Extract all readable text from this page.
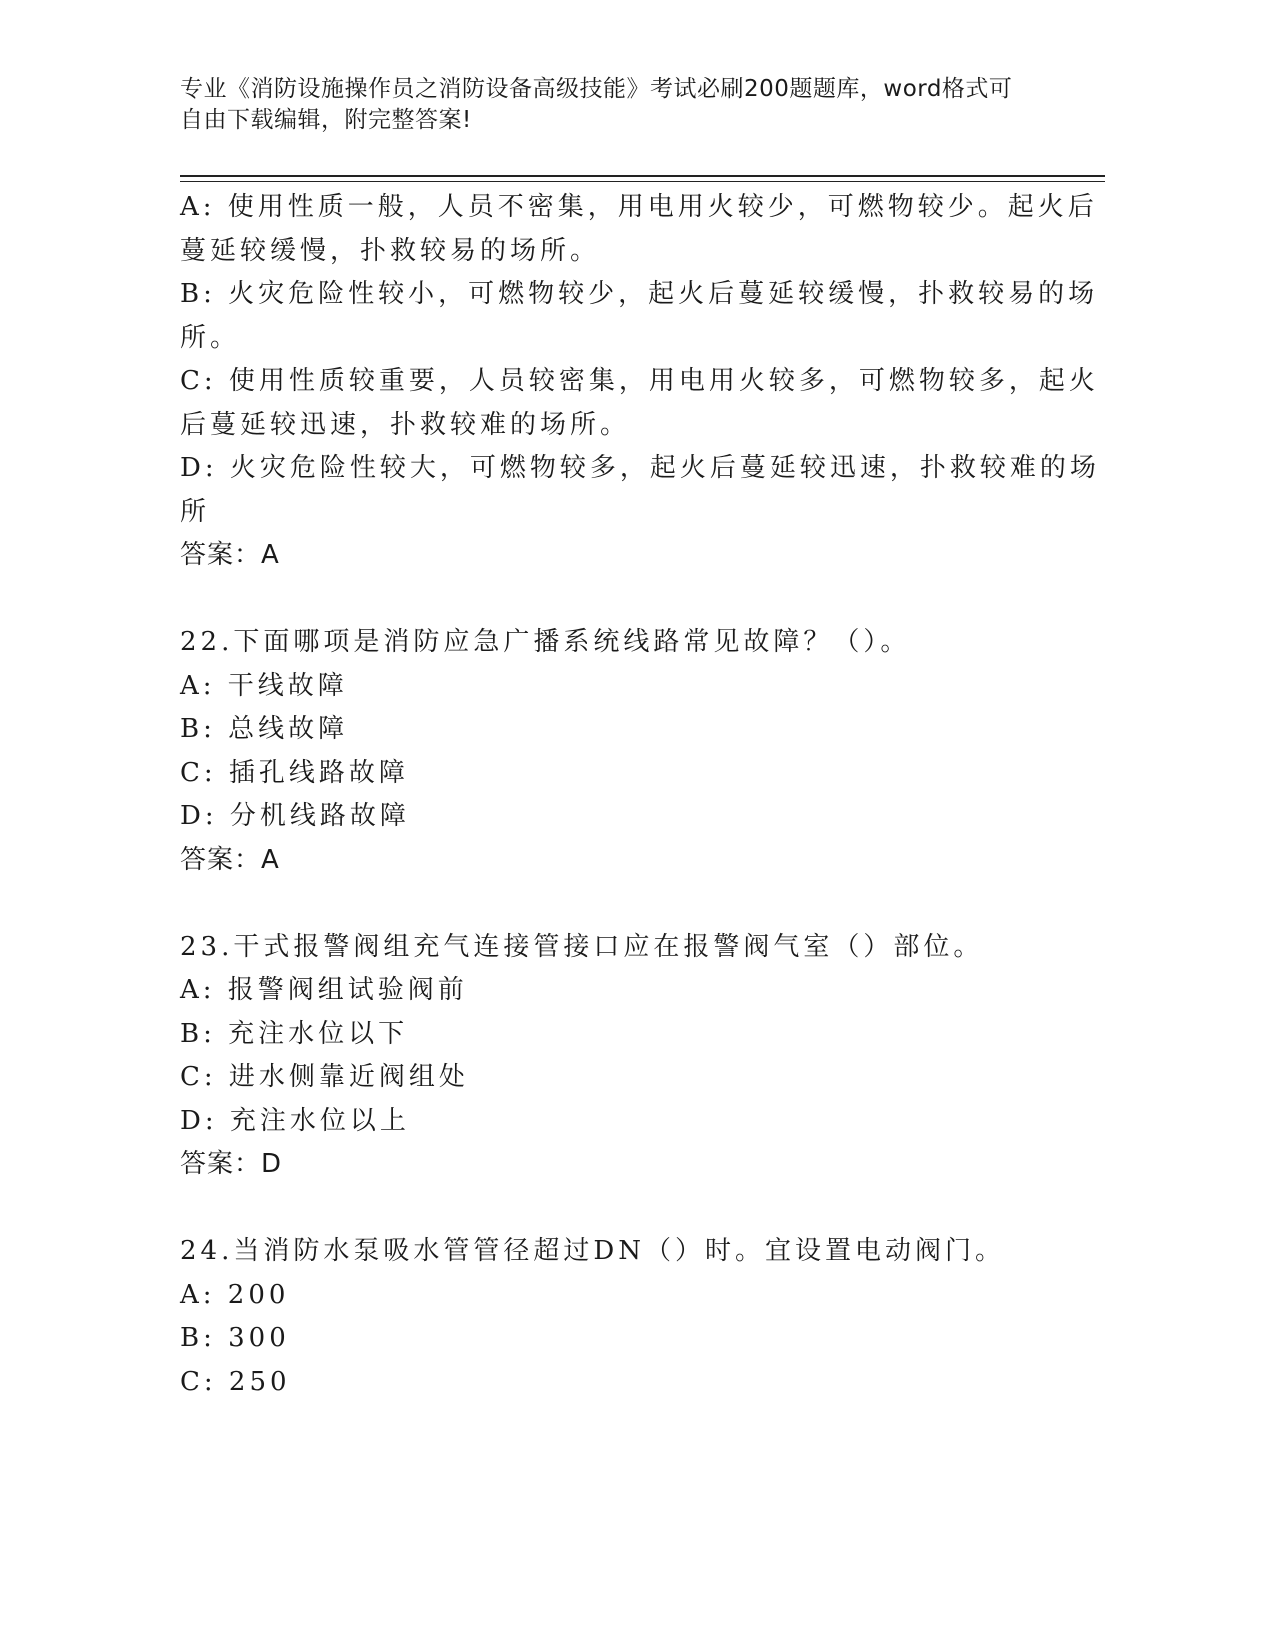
专业《消防设施操作员之消防设备高级技能》考试必刷200题题库，word格式可
自由下载编辑，附完整答案!
A: 使用性质一般，人员不密集，用电用火较少，可燃物较少。起火后
蔓延较缓慢，扑救较易的场所。
B: 火灾危险性较小，可燃物较少，起火后蔓延较缓慢，扑救较易的场
所。
C: 使用性质较重要，人员较密集，用电用火较多，可燃物较多，起火
后蔓延较迅速，扑救较难的场所。
D: 火灾危险性较大，可燃物较多，起火后蔓延较迅速，扑救较难的场
所
答案：A
22.下面哪项是消防应急广播系统线路常见故障？（）。
A: 干线故障
B: 总线故障
C: 插孔线路故障
D: 分机线路故障
答案：A
23.干式报警阀组充气连接管接口应在报警阀气室（）部位。
A: 报警阀组试验阀前
B: 充注水位以下
C: 进水侧靠近阀组处
D: 充注水位以上
答案：D
24.当消防水泵吸水管管径超过DN（）时。宜设置电动阀门。
A: 200
B: 300
C: 250
